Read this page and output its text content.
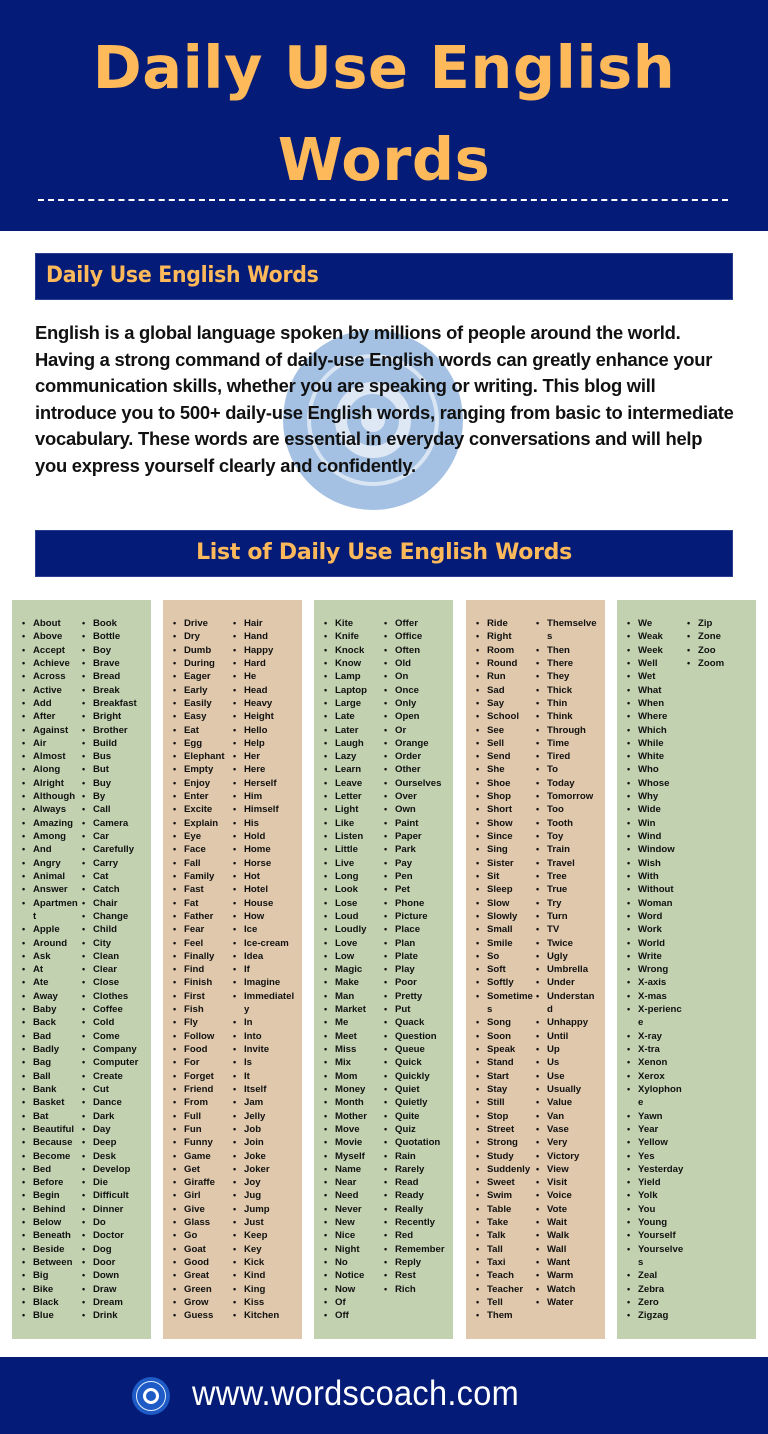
Daily Use English
Words
Daily Use English Words

English is a global language spoken by millions of people around the world. Having a strong command of daily-use English words can greatly enhance your communication skills, whether you are speaking or writing. This blog will introduce you to 500+ daily-use English words, ranging from basic to intermediate vocabulary. These words are essential in everyday conversations and will help you express yourself clearly and confidently.

List of Daily Use English Words
• About
• Above
• Accept
• Achieve
• Across
• Active
• Add
• After
• Against
• Air
• Almost
• Along
• Alright
• Although
• Always
• Amazing
• Among
• And
• Angry
• Animal
• Answer
• Apartment
• Apple
• Around
• Ask
• At
• Ate
• Away
• Baby
• Back
• Bad
• Badly
• Bag
• Ball
• Bank
• Basket
• Bat
• Beautiful
• Because
• Become
• Bed
• Before
• Begin
• Behind
• Below
• Beneath
• Beside
• Between
• Big
• Bike
• Black
• Blue
• Book
• Bottle
• Boy
• Brave
• Bread
• Break
• Breakfast
• Bright
• Brother
• Build
• Bus
• But
• Buy
• By
• Call
• Camera
• Car
• Carefully
• Carry
• Cat
• Catch
• Chair
• Change
• Child
• City
• Clean
• Clear
• Close
• Clothes
• Coffee
• Cold
• Come
• Company
• Computer
• Create
• Cut
• Dance
• Dark
• Day
• Deep
• Desk
• Develop
• Die
• Difficult
• Dinner
• Do
• Doctor
• Dog
• Door
• Down
• Draw
• Dream
• Drink
• Drive
• Dry
• Dumb
• During
• Eager
• Early
• Easily
• Easy
• Eat
• Egg
• Elephant
• Empty
• Enjoy
• Enter
• Excite
• Explain
• Eye
• Face
• Fall
• Family
• Fast
• Fat
• Father
• Fear
• Feel
• Finally
• Find
• Finish
• First
• Fish
• Fly
• Follow
• Food
• For
• Forget
• Friend
• From
• Full
• Fun
• Funny
• Game
• Get
• Giraffe
• Girl
• Give
• Glass
• Go
• Goat
• Good
• Great
• Green
• Grow
• Guess
• Hair
• Hand
• Happy
• Hard
• He
• Head
• Heavy
• Height
• Hello
• Help
• Her
• Here
• Herself
• Him
• Himself
• His
• Hold
• Home
• Horse
• Hot
• Hotel
• House
• How
• Ice
• Ice-cream
• Idea
• If
• Imagine
• Immediately
• In
• Into
• Invite
• Is
• It
• Itself
• Jam
• Jelly
• Job
• Join
• Joke
• Joker
• Joy
• Jug
• Jump
• Just
• Keep
• Key
• Kick
• Kind
• King
• Kiss
• Kitchen
• Kite
• Knife
• Knock
• Know
• Lamp
• Laptop
• Large
• Late
• Later
• Laugh
• Lazy
• Learn
• Leave
• Letter
• Light
• Like
• Listen
• Little
• Live
• Long
• Look
• Lose
• Loud
• Loudly
• Love
• Low
• Magic
• Make
• Man
• Market
• Me
• Meet
• Miss
• Mix
• Mom
• Money
• Month
• Mother
• Move
• Movie
• Myself
• Name
• Near
• Need
• Never
• New
• Nice
• Night
• No
• Notice
• Now
• Of
• Off
• Offer
• Office
• Often
• Old
• On
• Once
• Only
• Open
• Or
• Orange
• Order
• Other
• Ourselves
• Over
• Own
• Paint
• Paper
• Park
• Pay
• Pen
• Pet
• Phone
• Picture
• Place
• Plan
• Plate
• Play
• Poor
• Pretty
• Put
• Quack
• Question
• Queue
• Quick
• Quickly
• Quiet
• Quietly
• Quite
• Quiz
• Quotation
• Rain
• Rarely
• Read
• Ready
• Really
• Recently
• Red
• Remember
• Reply
• Rest
• Rich
• Ride
• Right
• Room
• Round
• Run
• Sad
• Say
• School
• See
• Sell
• Send
• She
• Shoe
• Shop
• Short
• Show
• Since
• Sing
• Sister
• Sit
• Sleep
• Slow
• Slowly
• Small
• Smile
• So
• Soft
• Softly
• Sometimes
• Song
• Soon
• Speak
• Stand
• Start
• Stay
• Still
• Stop
• Street
• Strong
• Study
• Suddenly
• Sweet
• Swim
• Table
• Take
• Talk
• Tall
• Taxi
• Teach
• Teacher
• Tell
• Them
• Themselves
• Then
• There
• They
• Thick
• Thin
• Think
• Through
• Time
• Tired
• To
• Today
• Tomorrow
• Too
• Tooth
• Toy
• Train
• Travel
• Tree
• True
• Try
• Turn
• TV
• Twice
• Ugly
• Umbrella
• Under
• Understand
• Unhappy
• Until
• Up
• Us
• Use
• Usually
• Value
• Van
• Vase
• Very
• Victory
• View
• Visit
• Voice
• Vote
• Wait
• Walk
• Wall
• Want
• Warm
• Watch
• Water
• We
• Weak
• Week
• Well
• Wet
• What
• When
• Where
• Which
• While
• White
• Who
• Whose
• Why
• Wide
• Win
• Wind
• Window
• Wish
• With
• Without
• Woman
• Word
• Work
• World
• Write
• Wrong
• X-axis
• X-mas
• X-perience
• X-ray
• X-tra
• Xenon
• Xerox
• Xylophone
• Yawn
• Year
• Yellow
• Yes
• Yesterday
• Yield
• Yolk
• You
• Young
• Yourself
• Yourselves
• Zeal
• Zebra
• Zero
• Zigzag
• Zip
• Zone
• Zoo
• Zoom
www.wordscoach.com
